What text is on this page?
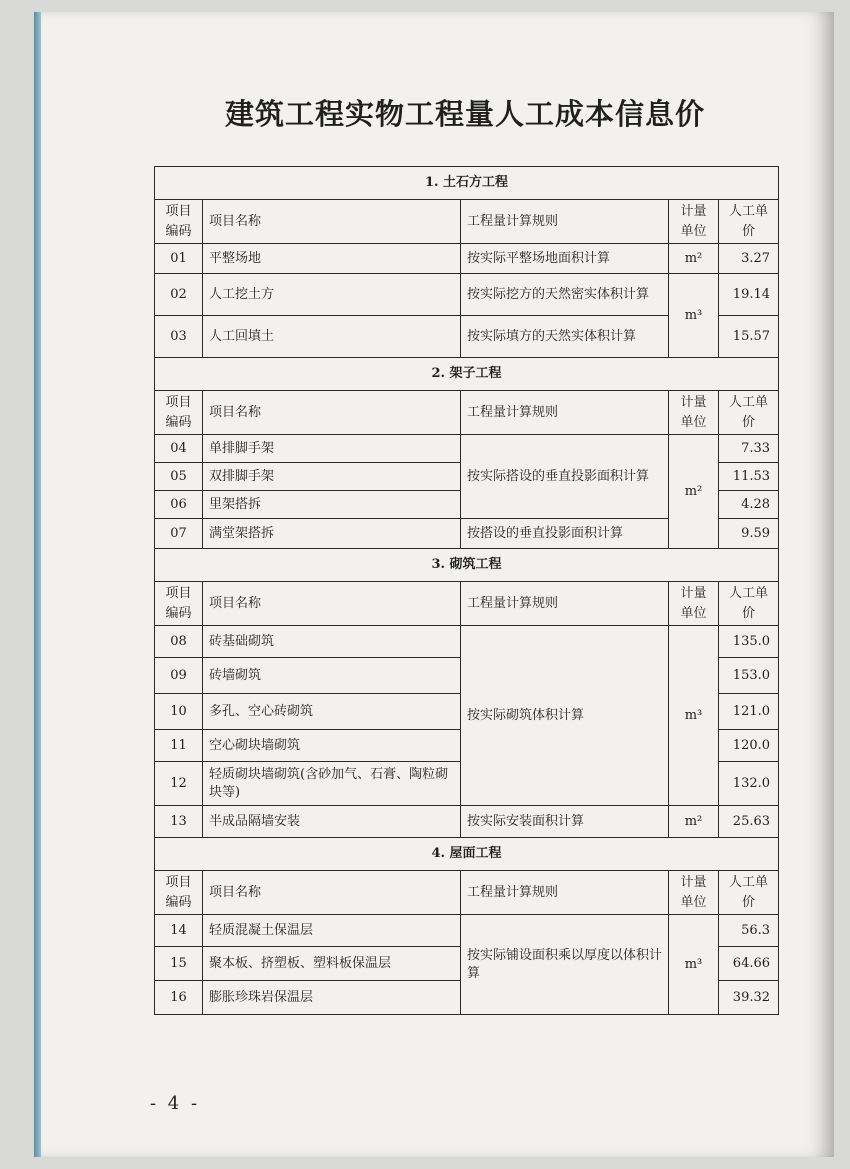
建筑工程实物工程量人工成本信息价
1. 土石方工程				
项目编码	项目名称	工程量计算规则	计量单位	人工单价
01	平整场地	按实际平整场地面积计算	m²	3.27
02	人工挖土方	按实际挖方的天然密实体积计算	m³	19.14
03	人工回填土	按实际填方的天然实体积计算		15.57
2. 架子工程				
项目编码	项目名称	工程量计算规则	计量单位	人工单价
04	单排脚手架	按实际搭设的垂直投影面积计算	m²	7.33
05	双排脚手架			11.53
06	里架搭拆			4.28
07	满堂架搭拆	按搭设的垂直投影面积计算		9.59
3. 砌筑工程				
项目编码	项目名称	工程量计算规则	计量单位	人工单价
08	砖基础砌筑	按实际砌筑体积计算	m³	135.0
09	砖墙砌筑			153.0
10	多孔、空心砖砌筑			121.0
11	空心砌块墙砌筑			120.0
12	轻质砌块墙砌筑(含砂加气、石膏、陶粒砌块等)			132.0
13	半成品隔墙安装	按实际安装面积计算	m²	25.63
4. 屋面工程				
项目编码	项目名称	工程量计算规则	计量单位	人工单价
14	轻质混凝土保温层	按实际铺设面积乘以厚度以体积计算	m³	56.3
15	聚本板、挤塑板、塑料板保温层			64.66
16	膨胀珍珠岩保温层			39.32
- 4 -
